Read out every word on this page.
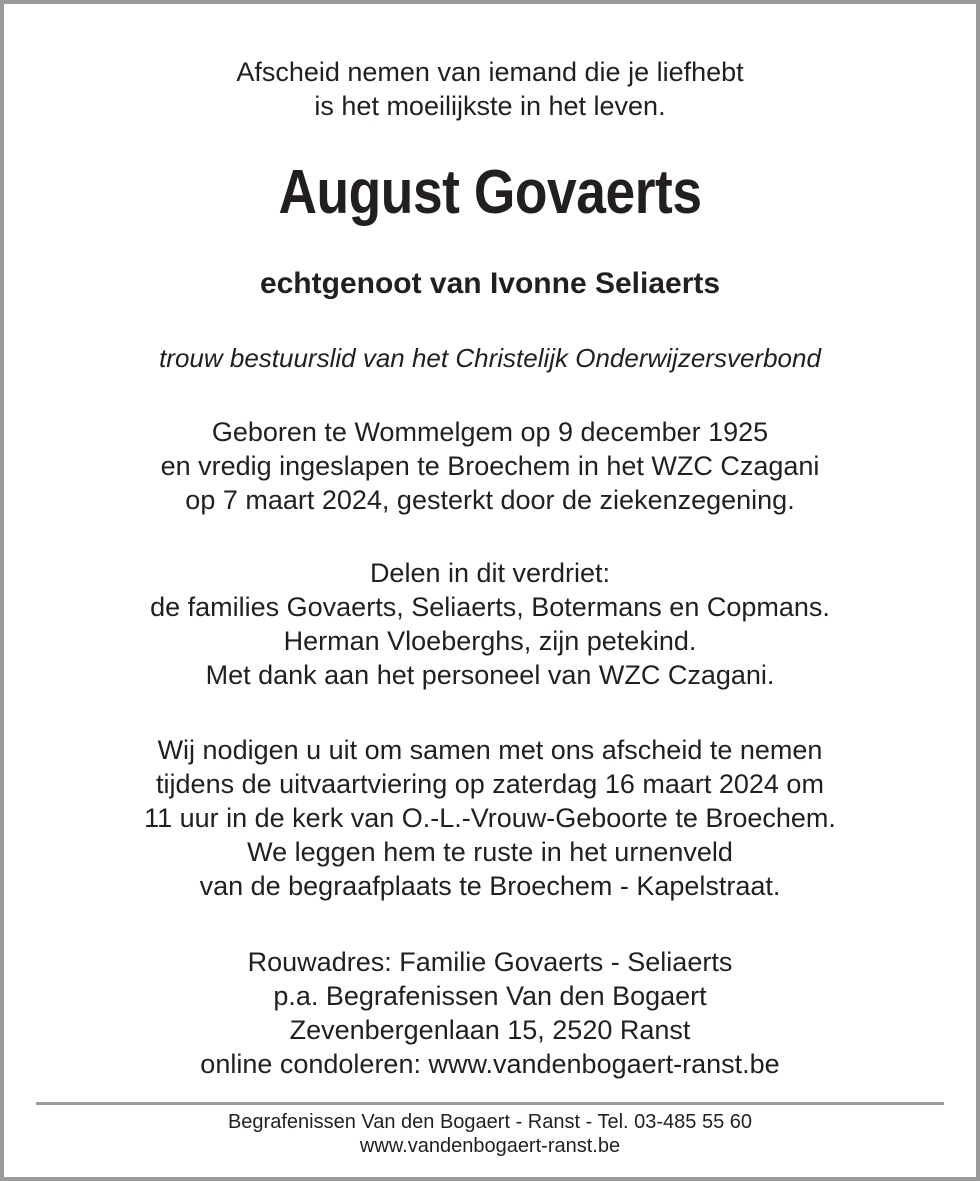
Afscheid nemen van iemand die je liefhebt
is het moeilijkste in het leven.
August Govaerts
echtgenoot van Ivonne Seliaerts
trouw bestuurslid van het Christelijk Onderwijzersverbond
Geboren te Wommelgem op 9 december 1925
en vredig ingeslapen te Broechem in het WZC Czagani
op 7 maart 2024, gesterkt door de ziekenzegening.
Delen in dit verdriet:
de families Govaerts, Seliaerts, Botermans en Copmans.
Herman Vloeberghs, zijn petekind.
Met dank aan het personeel van WZC Czagani.
Wij nodigen u uit om samen met ons afscheid te nemen
tijdens de uitvaartviering op zaterdag 16 maart 2024 om
11 uur in de kerk van O.-L.-Vrouw-Geboorte te Broechem.
We leggen hem te ruste in het urnenveld
van de begraafplaats te Broechem - Kapelstraat.
Rouwadres: Familie Govaerts - Seliaerts
p.a. Begrafenissen Van den Bogaert
Zevenbergenlaan 15, 2520 Ranst
online condoleren: www.vandenbogaert-ranst.be
Begrafenissen Van den Bogaert - Ranst - Tel. 03-485 55 60
www.vandenbogaert-ranst.be
